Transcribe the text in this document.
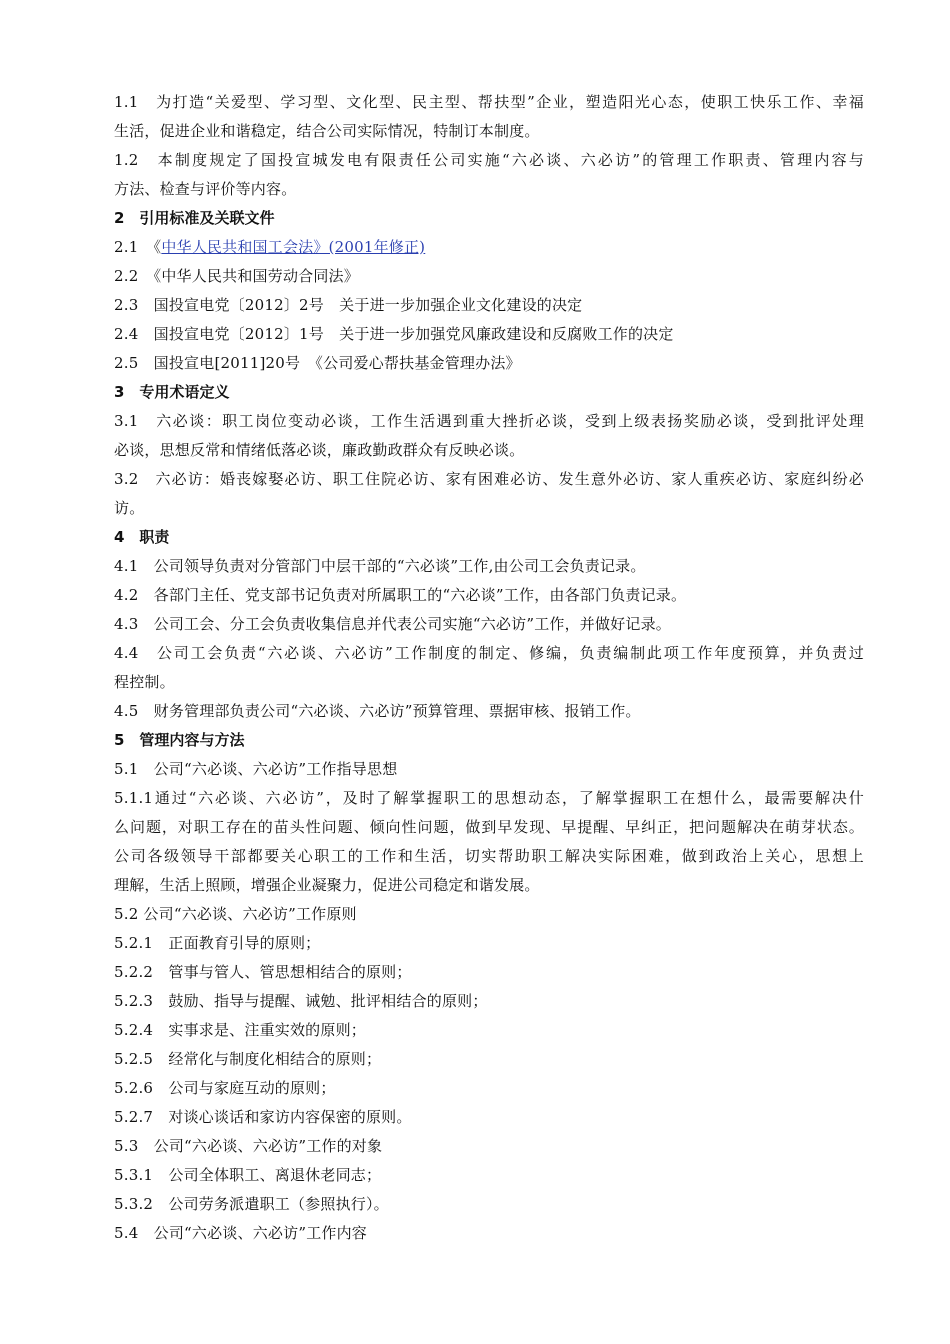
1.1　为打造“关爱型、学习型、文化型、民主型、帮扶型”企业，塑造阳光心态，使职工快乐工作、幸福
生活，促进企业和谐稳定，结合公司实际情况，特制订本制度。
1.2　本制度规定了国投宣城发电有限责任公司实施“六必谈、六必访”的管理工作职责、管理内容与
方法、检查与评价等内容。
2　引用标准及关联文件
2.1　《中华人民共和国工会法》(2001年修正)
2.2　《中华人民共和国劳动合同法》
2.3　国投宣电党〔2012〕2号　关于进一步加强企业文化建设的决定
2.4　国投宣电党〔2012〕1号　关于进一步加强党风廉政建设和反腐败工作的决定
2.5　国投宣电[2011]20号　《公司爱心帮扶基金管理办法》
3　专用术语定义
3.1　六必谈：职工岗位变动必谈，工作生活遇到重大挫折必谈，受到上级表扬奖励必谈，受到批评处理
必谈，思想反常和情绪低落必谈，廉政勤政群众有反映必谈。
3.2　六必访：婚丧嫁娶必访、职工住院必访、家有困难必访、发生意外必访、家人重疾必访、家庭纠纷必
访。
4　职责
4.1　公司领导负责对分管部门中层干部的“六必谈”工作,由公司工会负责记录。
4.2　各部门主任、党支部书记负责对所属职工的“六必谈”工作，由各部门负责记录。
4.3　公司工会、分工会负责收集信息并代表公司实施“六必访”工作，并做好记录。
4.4　公司工会负责“六必谈、六必访”工作制度的制定、修编，负责编制此项工作年度预算，并负责过
程控制。
4.5　财务管理部负责公司“六必谈、六必访”预算管理、票据审核、报销工作。
5　管理内容与方法
5.1　公司“六必谈、六必访”工作指导思想
5.1.1通过“六必谈、六必访”，及时了解掌握职工的思想动态，了解掌握职工在想什么，最需要解决什
么问题，对职工存在的苗头性问题、倾向性问题，做到早发现、早提醒、早纠正，把问题解决在萌芽状态。
公司各级领导干部都要关心职工的工作和生活，切实帮助职工解决实际困难，做到政治上关心，思想上
理解，生活上照顾，增强企业凝聚力，促进公司稳定和谐发展。
5.2 公司“六必谈、六必访”工作原则
5.2.1　正面教育引导的原则；
5.2.2　管事与管人、管思想相结合的原则；
5.2.3　鼓励、指导与提醒、诫勉、批评相结合的原则；
5.2.4　实事求是、注重实效的原则；
5.2.5　经常化与制度化相结合的原则；
5.2.6　公司与家庭互动的原则；
5.2.7　对谈心谈话和家访内容保密的原则。
5.3　公司“六必谈、六必访”工作的对象
5.3.1　公司全体职工、离退休老同志；
5.3.2　公司劳务派遣职工（参照执行）。
5.4　公司“六必谈、六必访”工作内容
